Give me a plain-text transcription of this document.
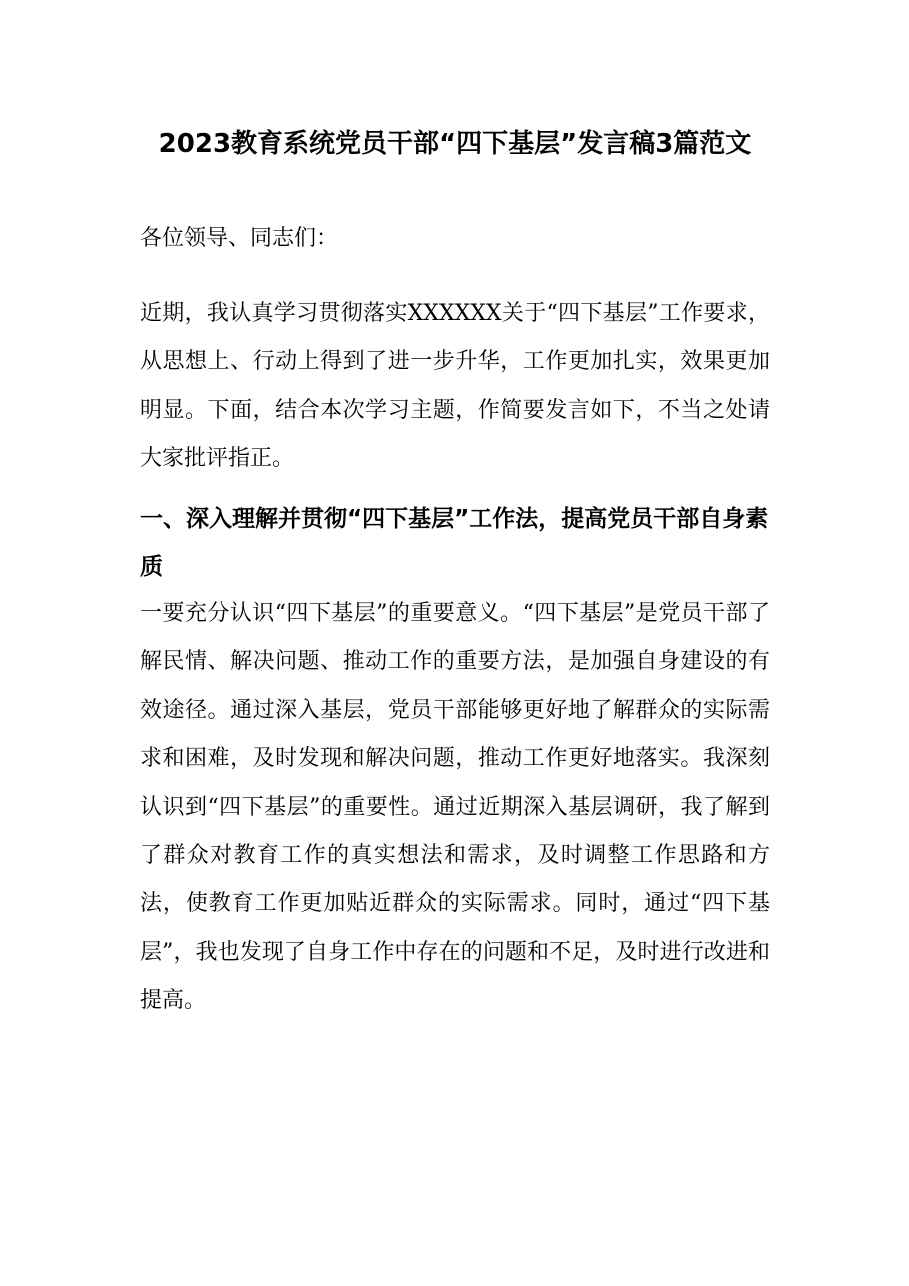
2023教育系统党员干部“四下基层”发言稿3篇范文

各位领导、同志们：

近期，我认真学习贯彻落实XXXXXX关于“四下基层”工作要求，从思想上、行动上得到了进一步升华，工作更加扎实，效果更加明显。下面，结合本次学习主题，作简要发言如下，不当之处请大家批评指正。

一、深入理解并贯彻“四下基层”工作法，提高党员干部自身素质

一要充分认识“四下基层”的重要意义。“四下基层”是党员干部了解民情、解决问题、推动工作的重要方法，是加强自身建设的有效途径。通过深入基层，党员干部能够更好地了解群众的实际需求和困难，及时发现和解决问题，推动工作更好地落实。我深刻认识到“四下基层”的重要性。通过近期深入基层调研，我了解到了群众对教育工作的真实想法和需求，及时调整工作思路和方法，使教育工作更加贴近群众的实际需求。同时，通过“四下基层”，我也发现了自身工作中存在的问题和不足，及时进行改进和提高。
